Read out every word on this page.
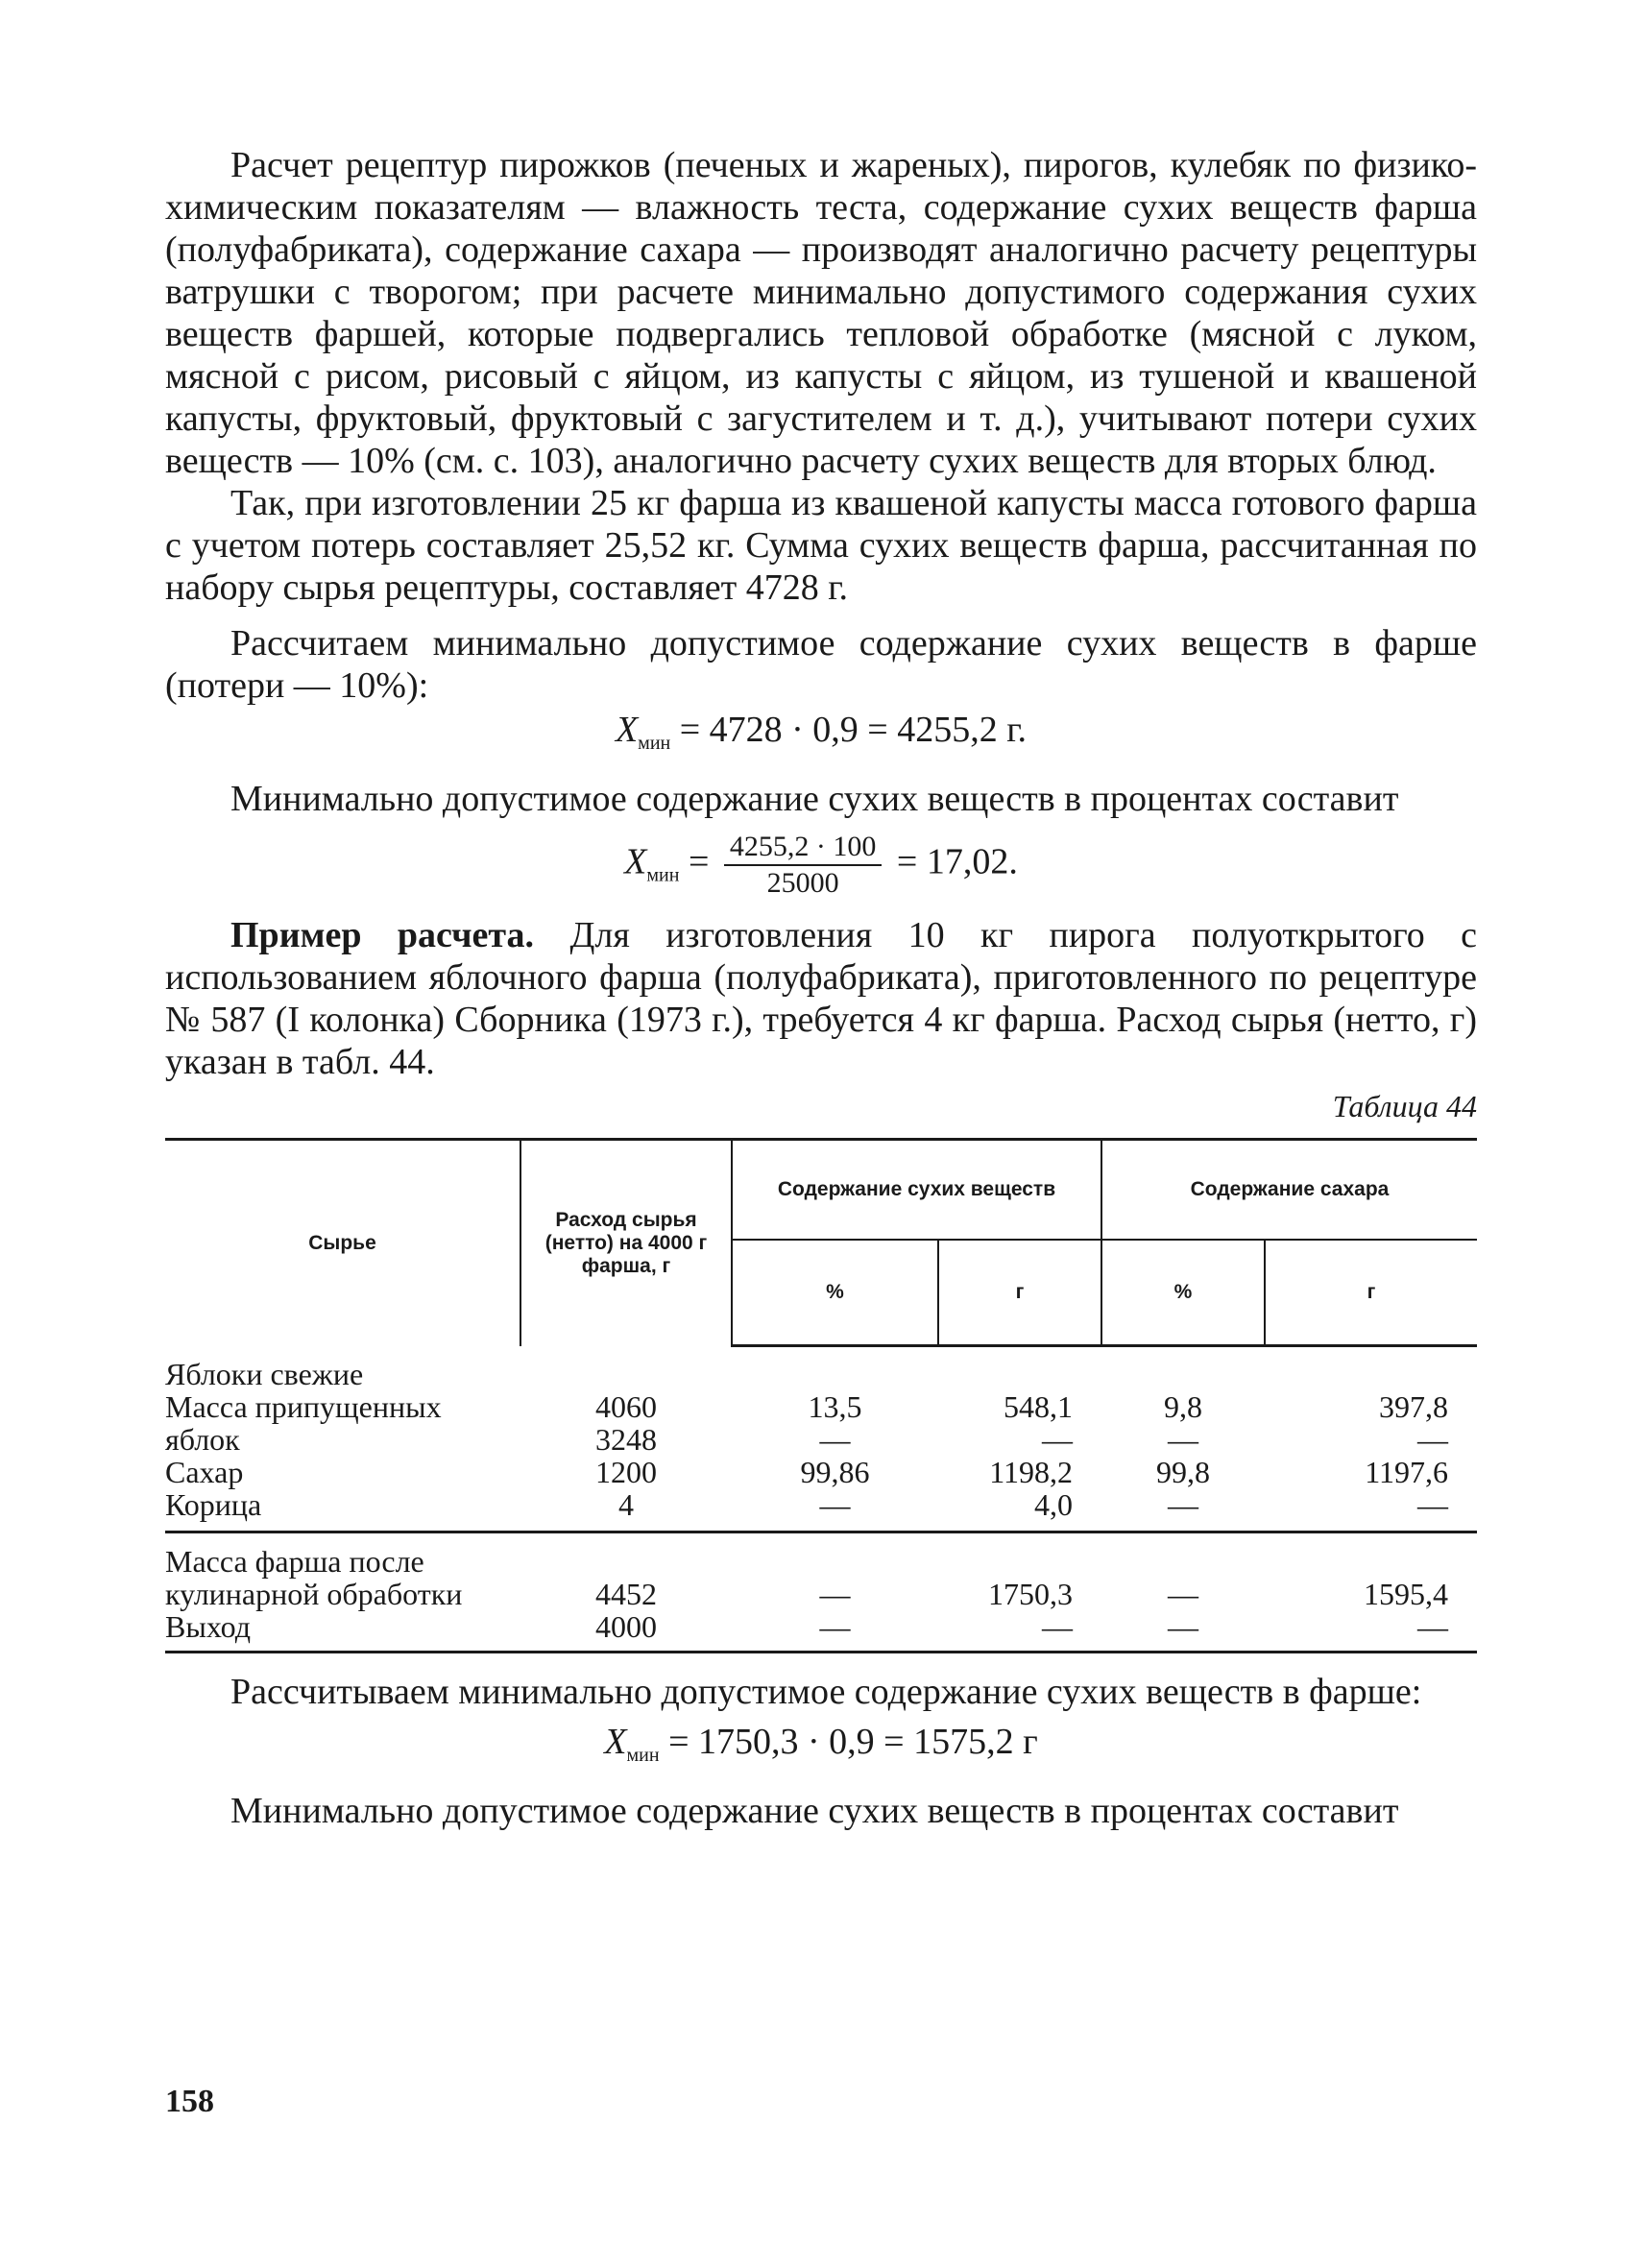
Расчет рецептур пирожков (печеных и жареных), пирогов, кулебяк по физико-химическим показателям — влажность теста, содержание сухих веществ фарша (полуфабриката), содержание сахара — производят аналогично расчету рецептуры ватрушки с творогом; при расчете минимально допустимого содержания сухих веществ фаршей, которые подвергались тепловой обработке (мясной с луком, мясной с рисом, рисовый с яйцом, из капусты с яйцом, из тушеной и квашеной капусты, фруктовый, фруктовый с загустителем и т. д.), учитывают потери сухих веществ — 10% (см. с. 103), аналогично расчету сухих веществ для вторых блюд.

Так, при изготовлении 25 кг фарша из квашеной капусты масса готового фарша с учетом потерь составляет 25,52 кг. Сумма сухих веществ фарша, рассчитанная по набору сырья рецептуры, составляет 4728 г.

Рассчитаем минимально допустимое содержание сухих веществ в фарше (потери — 10%):

$X_{мин} = 4728 \cdot 0,9 = 4255,2$ г.

Минимально допустимое содержание сухих веществ в процентах составит

$X_{мин} = \frac{4255,2 \cdot 100}{25000} = 17,02$.

Пример расчета. Для изготовления 10 кг пирога полуоткрытого с использованием яблочного фарша (полуфабриката), приготовленного по рецептуре № 587 (I колонка) Сборника (1973 г.), требуется 4 кг фарша. Расход сырья (нетто, г) указан в табл. 44.

Таблица 44
Сырье	Расход сырья (нетто) на 4000 г фарша, г	Содержание сухих веществ		Содержание сахара	
		%	г	%	г
Яблоки свежие					
Масса припущенных	4060	13,5	548,1	9,8	397,8
яблок	3248	—	—	—	—
Сахар	1200	99,86	1198,2	99,8	1197,6
Корица	4	—	4,0	—	—
Масса фарша после					
кулинарной обработки	4452	—	1750,3	—	1595,4
Выход	4000	—	—	—	—

Рассчитываем минимально допустимое содержание сухих веществ в фарше:

$X_{мин} = 1750,3 \cdot 0,9 = 1575,2$ г

Минимально допустимое содержание сухих веществ в процентах составит

158
